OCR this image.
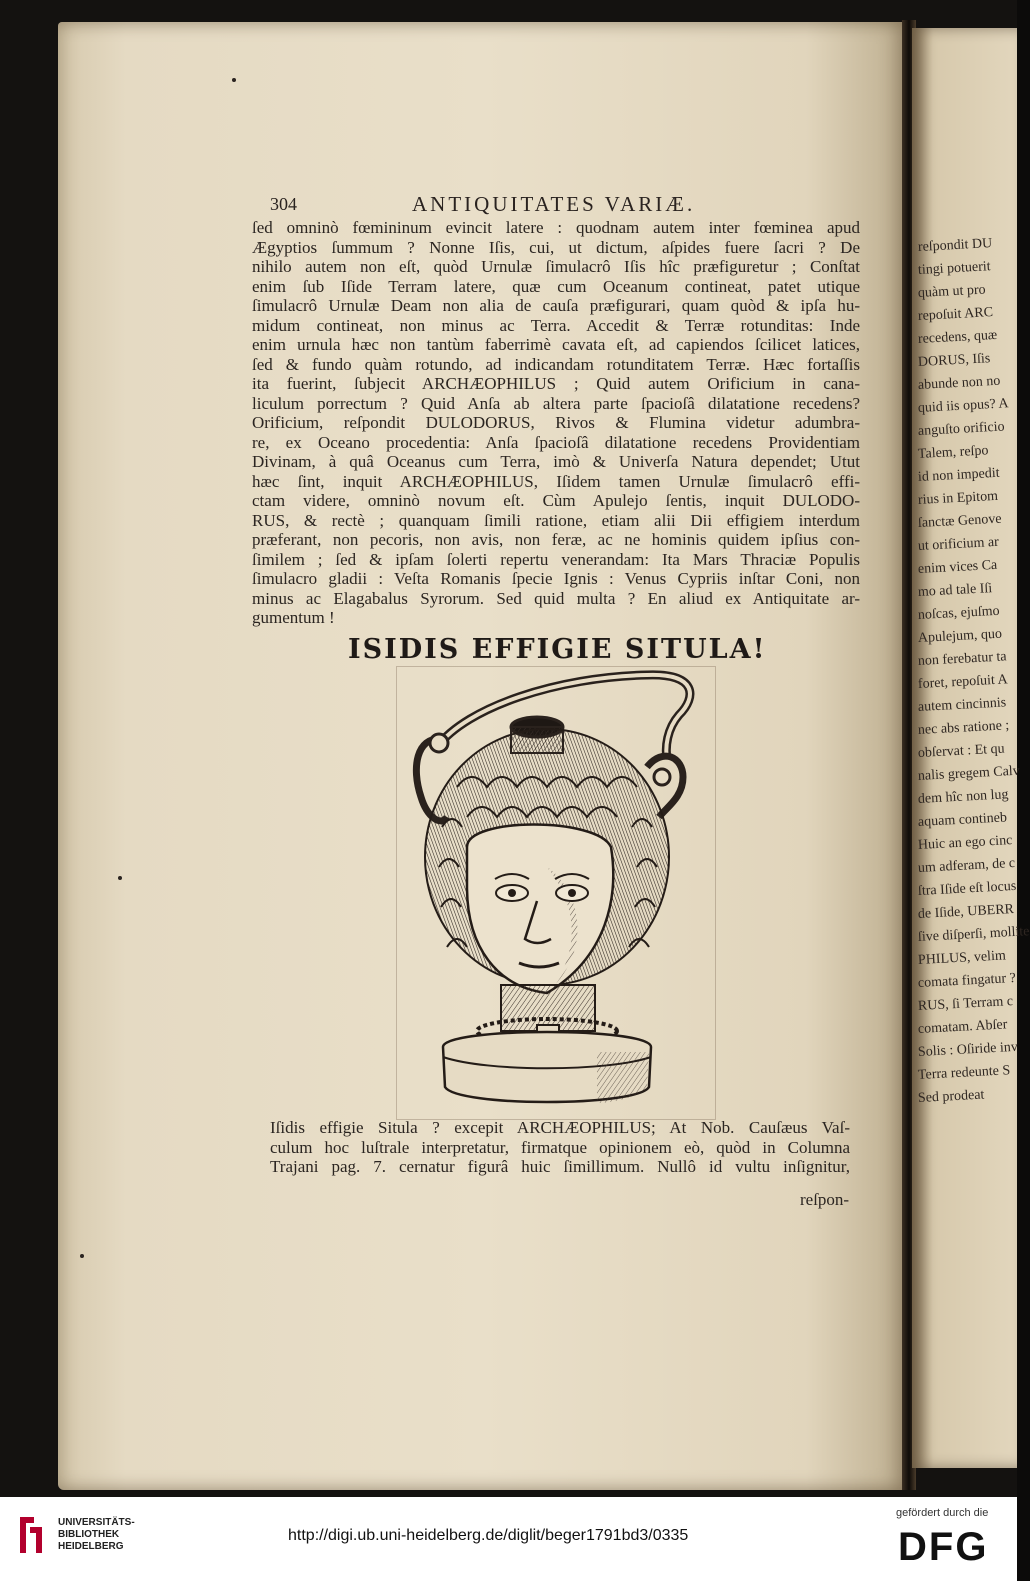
reſpondit DU
tingi potuerit
quàm ut pro
repoſuit ARC
recedens, quæ
DORUS, Iſis
abunde non no
quid iis opus? A
anguſto orificio
Talem, reſpo
id non impedit
rius in Epitom
ſanctæ Genove
ut orificium ar
enim vices Ca
mo ad tale Iſi
noſcas, ejuſmo
Apulejum, quo
non ferebatur ta
foret, repoſuit A
autem cincinnis
nec abs ratione ;
obſervat : Et qu
nalis gregem Calv
dem hîc non lug
aquam contineb
Huic an ego cinc
um adferam, de c
ſtra Iſide eſt locus
de Iſide, UBERR
ſive diſperſi, mollite
PHILUS, velim
comata fingatur ?
RUS, ſi Terram c
comatam. Abſer
Solis : Oſiride inv
Terra redeunte S
Sed prodeat
304	ANTIQUITATES VARIÆ.
ſed omninò fœmininum evincit latere : quodnam autem inter fœminea apud
Ægyptios ſummum ? Nonne Iſis, cui, ut dictum, aſpides fuere ſacri ? De
nihilo autem non eſt, quòd Urnulæ ſimulacrô Iſis hîc præfiguretur ; Conſtat
enim ſub Iſide Terram latere, quæ cum Oceanum contineat, patet utique
ſimulacrô Urnulæ Deam non alia de cauſa præfigurari, quam quòd & ipſa hu-
midum contineat, non minus ac Terra. Accedit & Terræ rotunditas: Inde
enim urnula hæc non tantùm faberrimè cavata eſt, ad capiendos ſcilicet latices,
ſed & fundo quàm rotundo, ad indicandam rotunditatem Terræ. Hæc fortaſſis
ita fuerint, ſubjecit ARCHÆOPHILUS ; Quid autem Orificium in cana-
liculum porrectum ? Quid Anſa ab altera parte ſpacioſâ dilatatione recedens?
Orificium, reſpondit DULODORUS, Rivos & Flumina videtur adumbra-
re, ex Oceano procedentia: Anſa ſpacioſâ dilatatione recedens Providentiam
Divinam, à quâ Oceanus cum Terra, imò & Univerſa Natura dependet; Utut
hæc ſint, inquit ARCHÆOPHILUS, Iſidem tamen Urnulæ ſimulacrô effi-
ctam videre, omninò novum eſt. Cùm Apulejo ſentis, inquit DULODO-
RUS, & rectè ; quanquam ſimili ratione, etiam alii Dii effigiem interdum
præferant, non pecoris, non avis, non feræ, ac ne hominis quidem ipſius con-
ſimilem ; ſed & ipſam ſolerti repertu venerandam: Ita Mars Thraciæ Populis
ſimulacro gladii : Veſta Romanis ſpecie Ignis : Venus Cypriis inſtar Coni, non
minus ac Elagabalus Syrorum. Sed quid multa ? En aliud ex Antiquitate ar-
gumentum !
ISIDIS EFFIGIE SITULA!
Iſidis effigie Situla ? excepit ARCHÆOPHILUS; At Nob. Cauſæus Vaſ-
culum hoc luſtrale interpretatur, firmatque opinionem eò, quòd in Columna
Trajani pag. 7. cernatur figurâ huic ſimillimum. Nullô id vultu inſignitur,
reſpon-
UNIVERSITÄTS-
BIBLIOTHEK
HEIDELBERG
http://digi.ub.uni-heidelberg.de/diglit/beger1791bd3/0335
gefördert durch die
DFG
